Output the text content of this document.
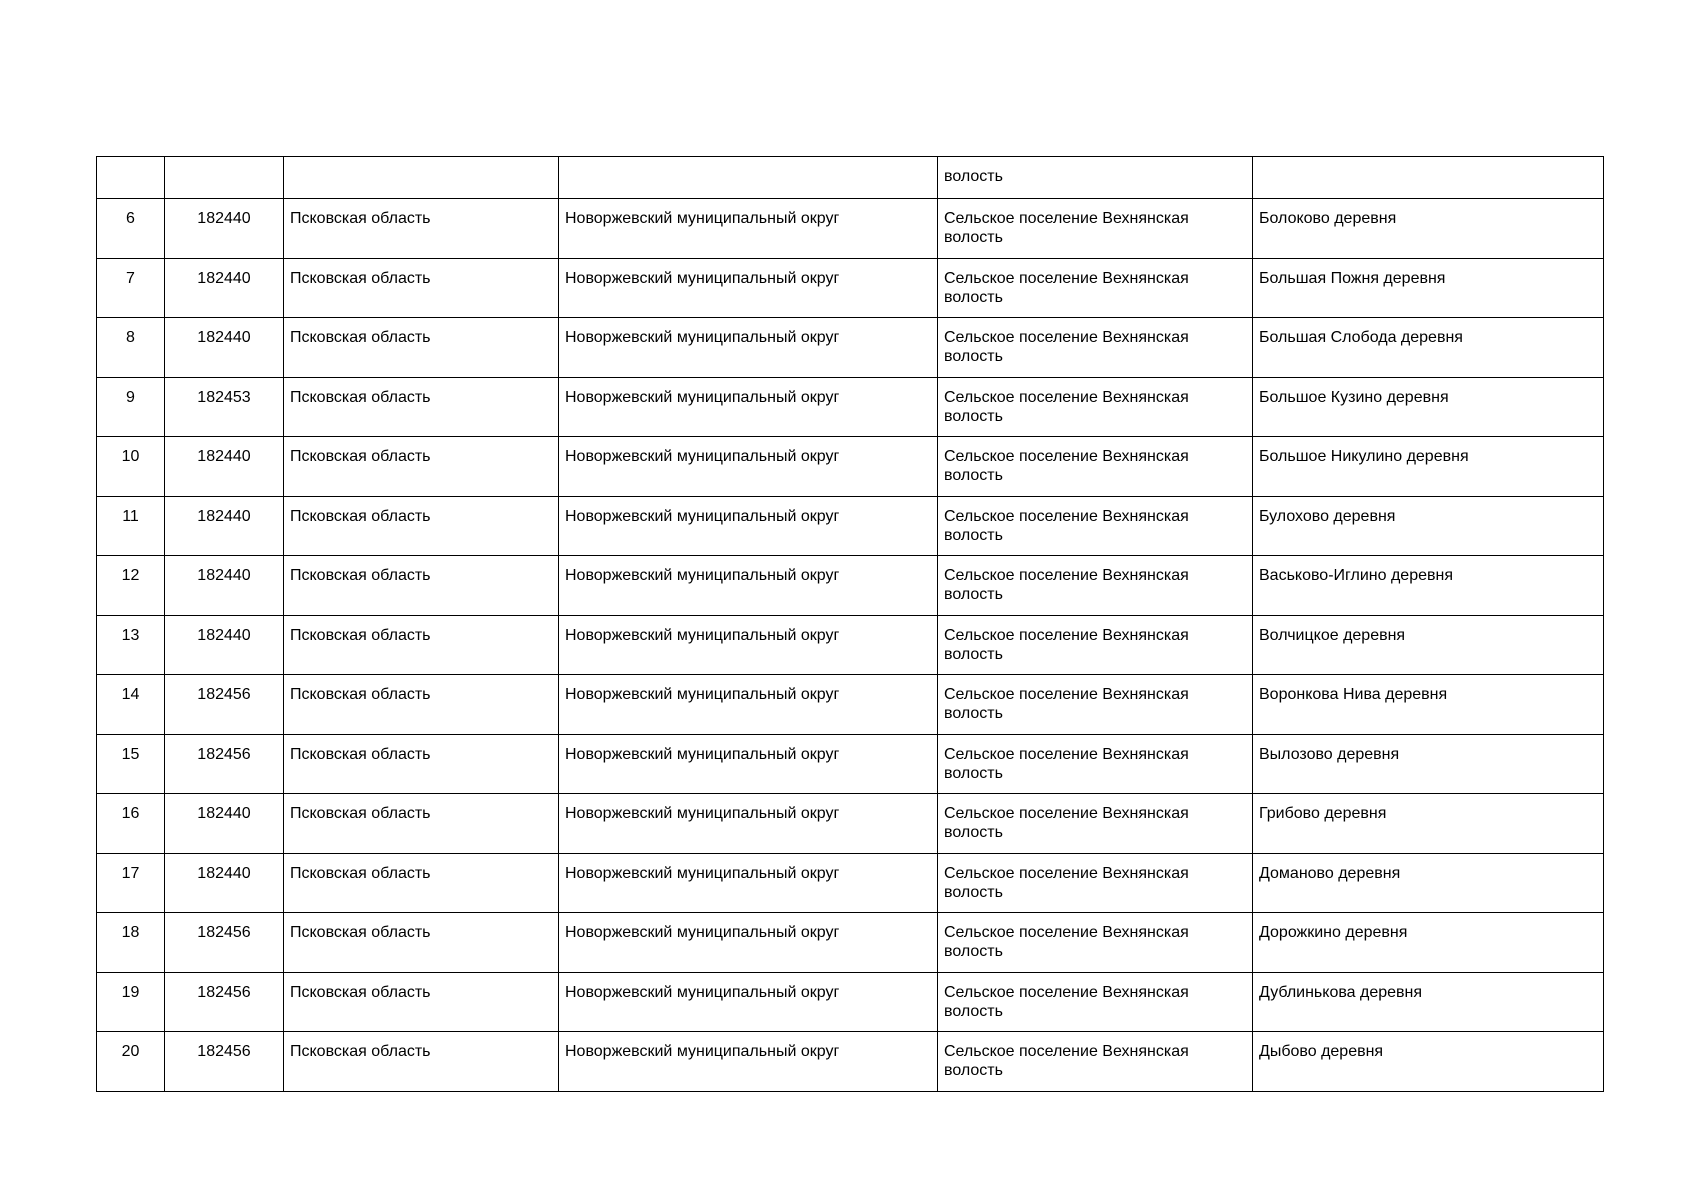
				волость	
6	182440	Псковская область	Новоржевский муниципальный округ	Сельское поселение Вехнянская волость	Болоково деревня
7	182440	Псковская область	Новоржевский муниципальный округ	Сельское поселение Вехнянская волость	Большая Пожня деревня
8	182440	Псковская область	Новоржевский муниципальный округ	Сельское поселение Вехнянская волость	Большая Слобода деревня
9	182453	Псковская область	Новоржевский муниципальный округ	Сельское поселение Вехнянская волость	Большое Кузино деревня
10	182440	Псковская область	Новоржевский муниципальный округ	Сельское поселение Вехнянская волость	Большое Никулино деревня
11	182440	Псковская область	Новоржевский муниципальный округ	Сельское поселение Вехнянская волость	Булохово деревня
12	182440	Псковская область	Новоржевский муниципальный округ	Сельское поселение Вехнянская волость	Васьково-Иглино деревня
13	182440	Псковская область	Новоржевский муниципальный округ	Сельское поселение Вехнянская волость	Волчицкое деревня
14	182456	Псковская область	Новоржевский муниципальный округ	Сельское поселение Вехнянская волость	Воронкова Нива деревня
15	182456	Псковская область	Новоржевский муниципальный округ	Сельское поселение Вехнянская волость	Вылозово деревня
16	182440	Псковская область	Новоржевский муниципальный округ	Сельское поселение Вехнянская волость	Грибово деревня
17	182440	Псковская область	Новоржевский муниципальный округ	Сельское поселение Вехнянская волость	Доманово деревня
18	182456	Псковская область	Новоржевский муниципальный округ	Сельское поселение Вехнянская волость	Дорожкино деревня
19	182456	Псковская область	Новоржевский муниципальный округ	Сельское поселение Вехнянская волость	Дублинькова деревня
20	182456	Псковская область	Новоржевский муниципальный округ	Сельское поселение Вехнянская волость	Дыбово деревня
